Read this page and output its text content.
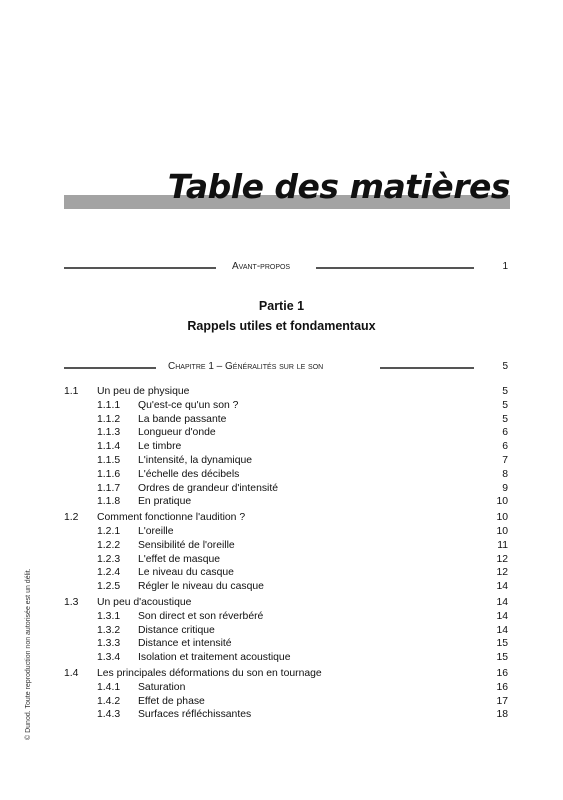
Table des matières
Avant-propos	1
Partie 1
Rappels utiles et fondamentaux
Chapitre 1 – Généralités sur le son	5
1.1 Un peu de physique	5
1.1.1 Qu'est-ce qu'un son ?	5
1.1.2 La bande passante	5
1.1.3 Longueur d'onde	6
1.1.4 Le timbre	6
1.1.5 L'intensité, la dynamique	7
1.1.6 L'échelle des décibels	8
1.1.7 Ordres de grandeur d'intensité	9
1.1.8 En pratique	10
1.2 Comment fonctionne l'audition ?	10
1.2.1 L'oreille	10
1.2.2 Sensibilité de l'oreille	11
1.2.3 L'effet de masque	12
1.2.4 Le niveau du casque	12
1.2.5 Régler le niveau du casque	14
1.3 Un peu d'acoustique	14
1.3.1 Son direct et son réverbéré	14
1.3.2 Distance critique	14
1.3.3 Distance et intensité	15
1.3.4 Isolation et traitement acoustique	15
1.4 Les principales déformations du son en tournage	16
1.4.1 Saturation	16
1.4.2 Effet de phase	17
1.4.3 Surfaces réfléchissantes	18
© Dunod. Toute reproduction non autorisée est un délit.
